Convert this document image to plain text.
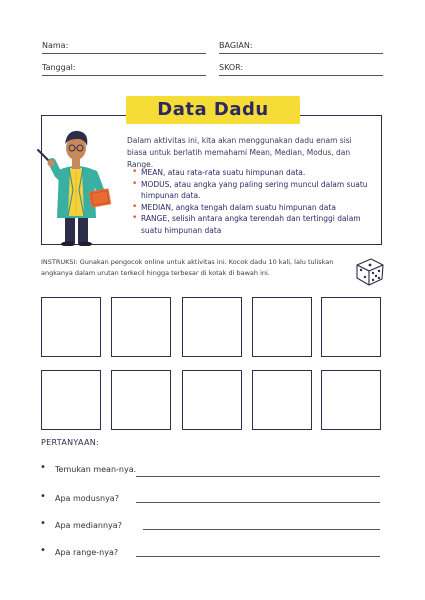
Nama:	BAGIAN:
Tanggal:	SKOR:
Data Dadu

Dalam aktivitas ini, kita akan menggunakan dadu enam sisi biasa untuk berlatih memahami Mean, Median, Modus, dan Range.

• MEAN, atau rata-rata suatu himpunan data.
• MODUS, atau angka yang paling sering muncul dalam suatu himpunan data.
• MEDIAN, angka tengah dalam suatu himpunan data
• RANGE, selisih antara angka terendah dan tertinggi dalam suatu himpunan data

INSTRUKSI: Gunakan pengocok online untuk aktivitas ini. Kocok dadu 10 kali, lalu tuliskan angkanya dalam urutan terkecil hingga terbesar di kotak di bawah ini.

PERTANYAAN:
• Temukan mean-nya.
• Apa modusnya?
• Apa mediannya?
• Apa range-nya?
